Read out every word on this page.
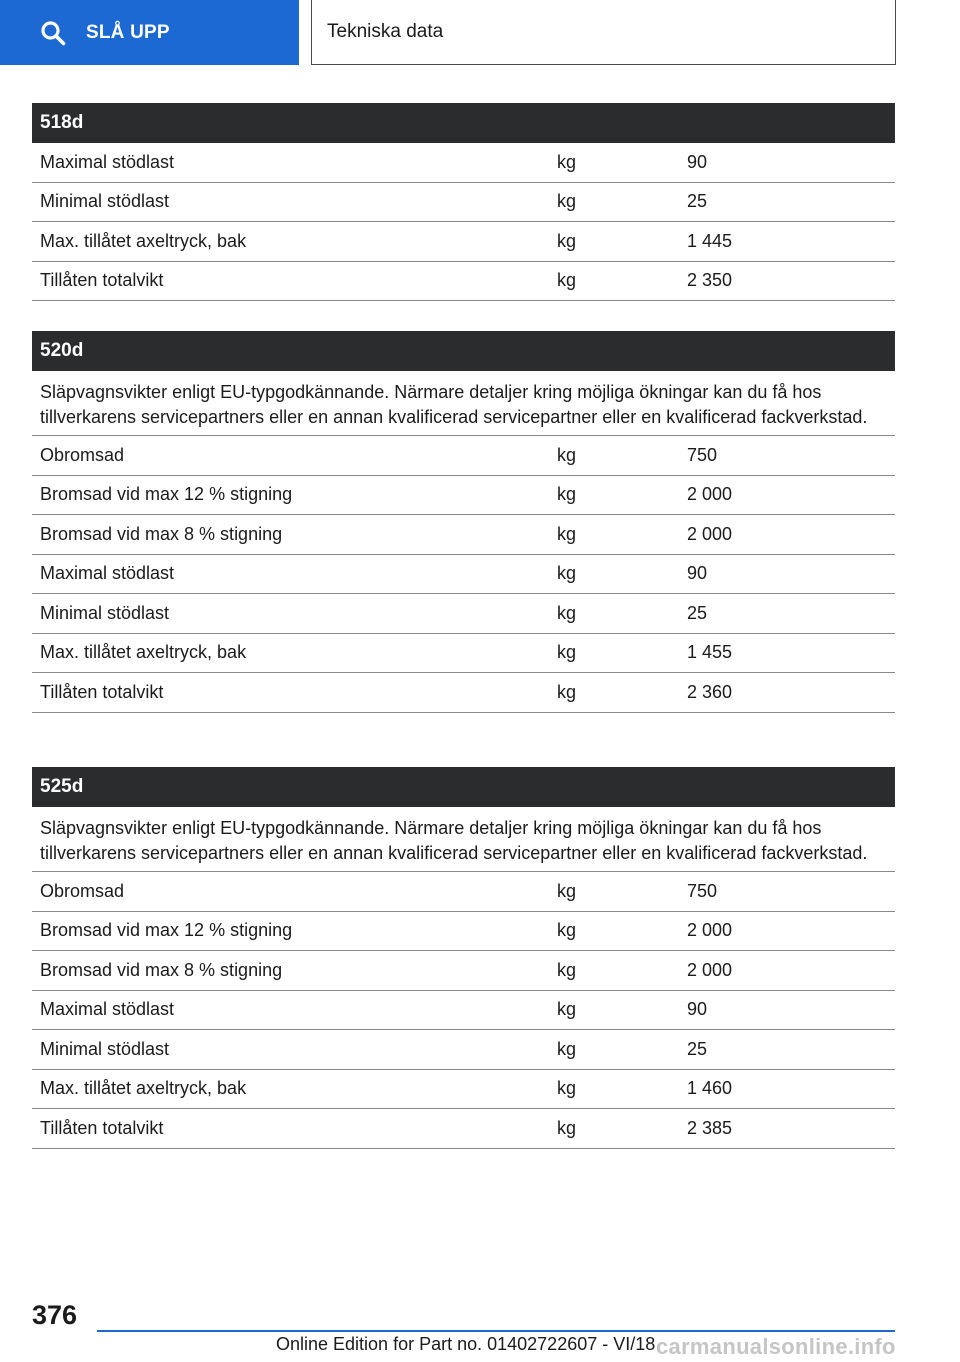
SLÅ UPP	Tekniska data
518d
Maximal stödlast	kg	90
Minimal stödlast	kg	25
Max. tillåtet axeltryck, bak	kg	1 445
Tillåten totalvikt	kg	2 350
520d
Släpvagnsvikter enligt EU-typgodkännande. Närmare detaljer kring möjliga ökningar kan du få hos tillverkarens servicepartners eller en annan kvalificerad servicepartner eller en kvalificerad fackverkstad.
Obromsad	kg	750
Bromsad vid max 12 % stigning	kg	2 000
Bromsad vid max 8 % stigning	kg	2 000
Maximal stödlast	kg	90
Minimal stödlast	kg	25
Max. tillåtet axeltryck, bak	kg	1 455
Tillåten totalvikt	kg	2 360
525d
Släpvagnsvikter enligt EU-typgodkännande. Närmare detaljer kring möjliga ökningar kan du få hos tillverkarens servicepartners eller en annan kvalificerad servicepartner eller en kvalificerad fackverkstad.
Obromsad	kg	750
Bromsad vid max 12 % stigning	kg	2 000
Bromsad vid max 8 % stigning	kg	2 000
Maximal stödlast	kg	90
Minimal stödlast	kg	25
Max. tillåtet axeltryck, bak	kg	1 460
Tillåten totalvikt	kg	2 385
376
Online Edition for Part no. 01402722607 - VI/18 carmanualsonline.info
